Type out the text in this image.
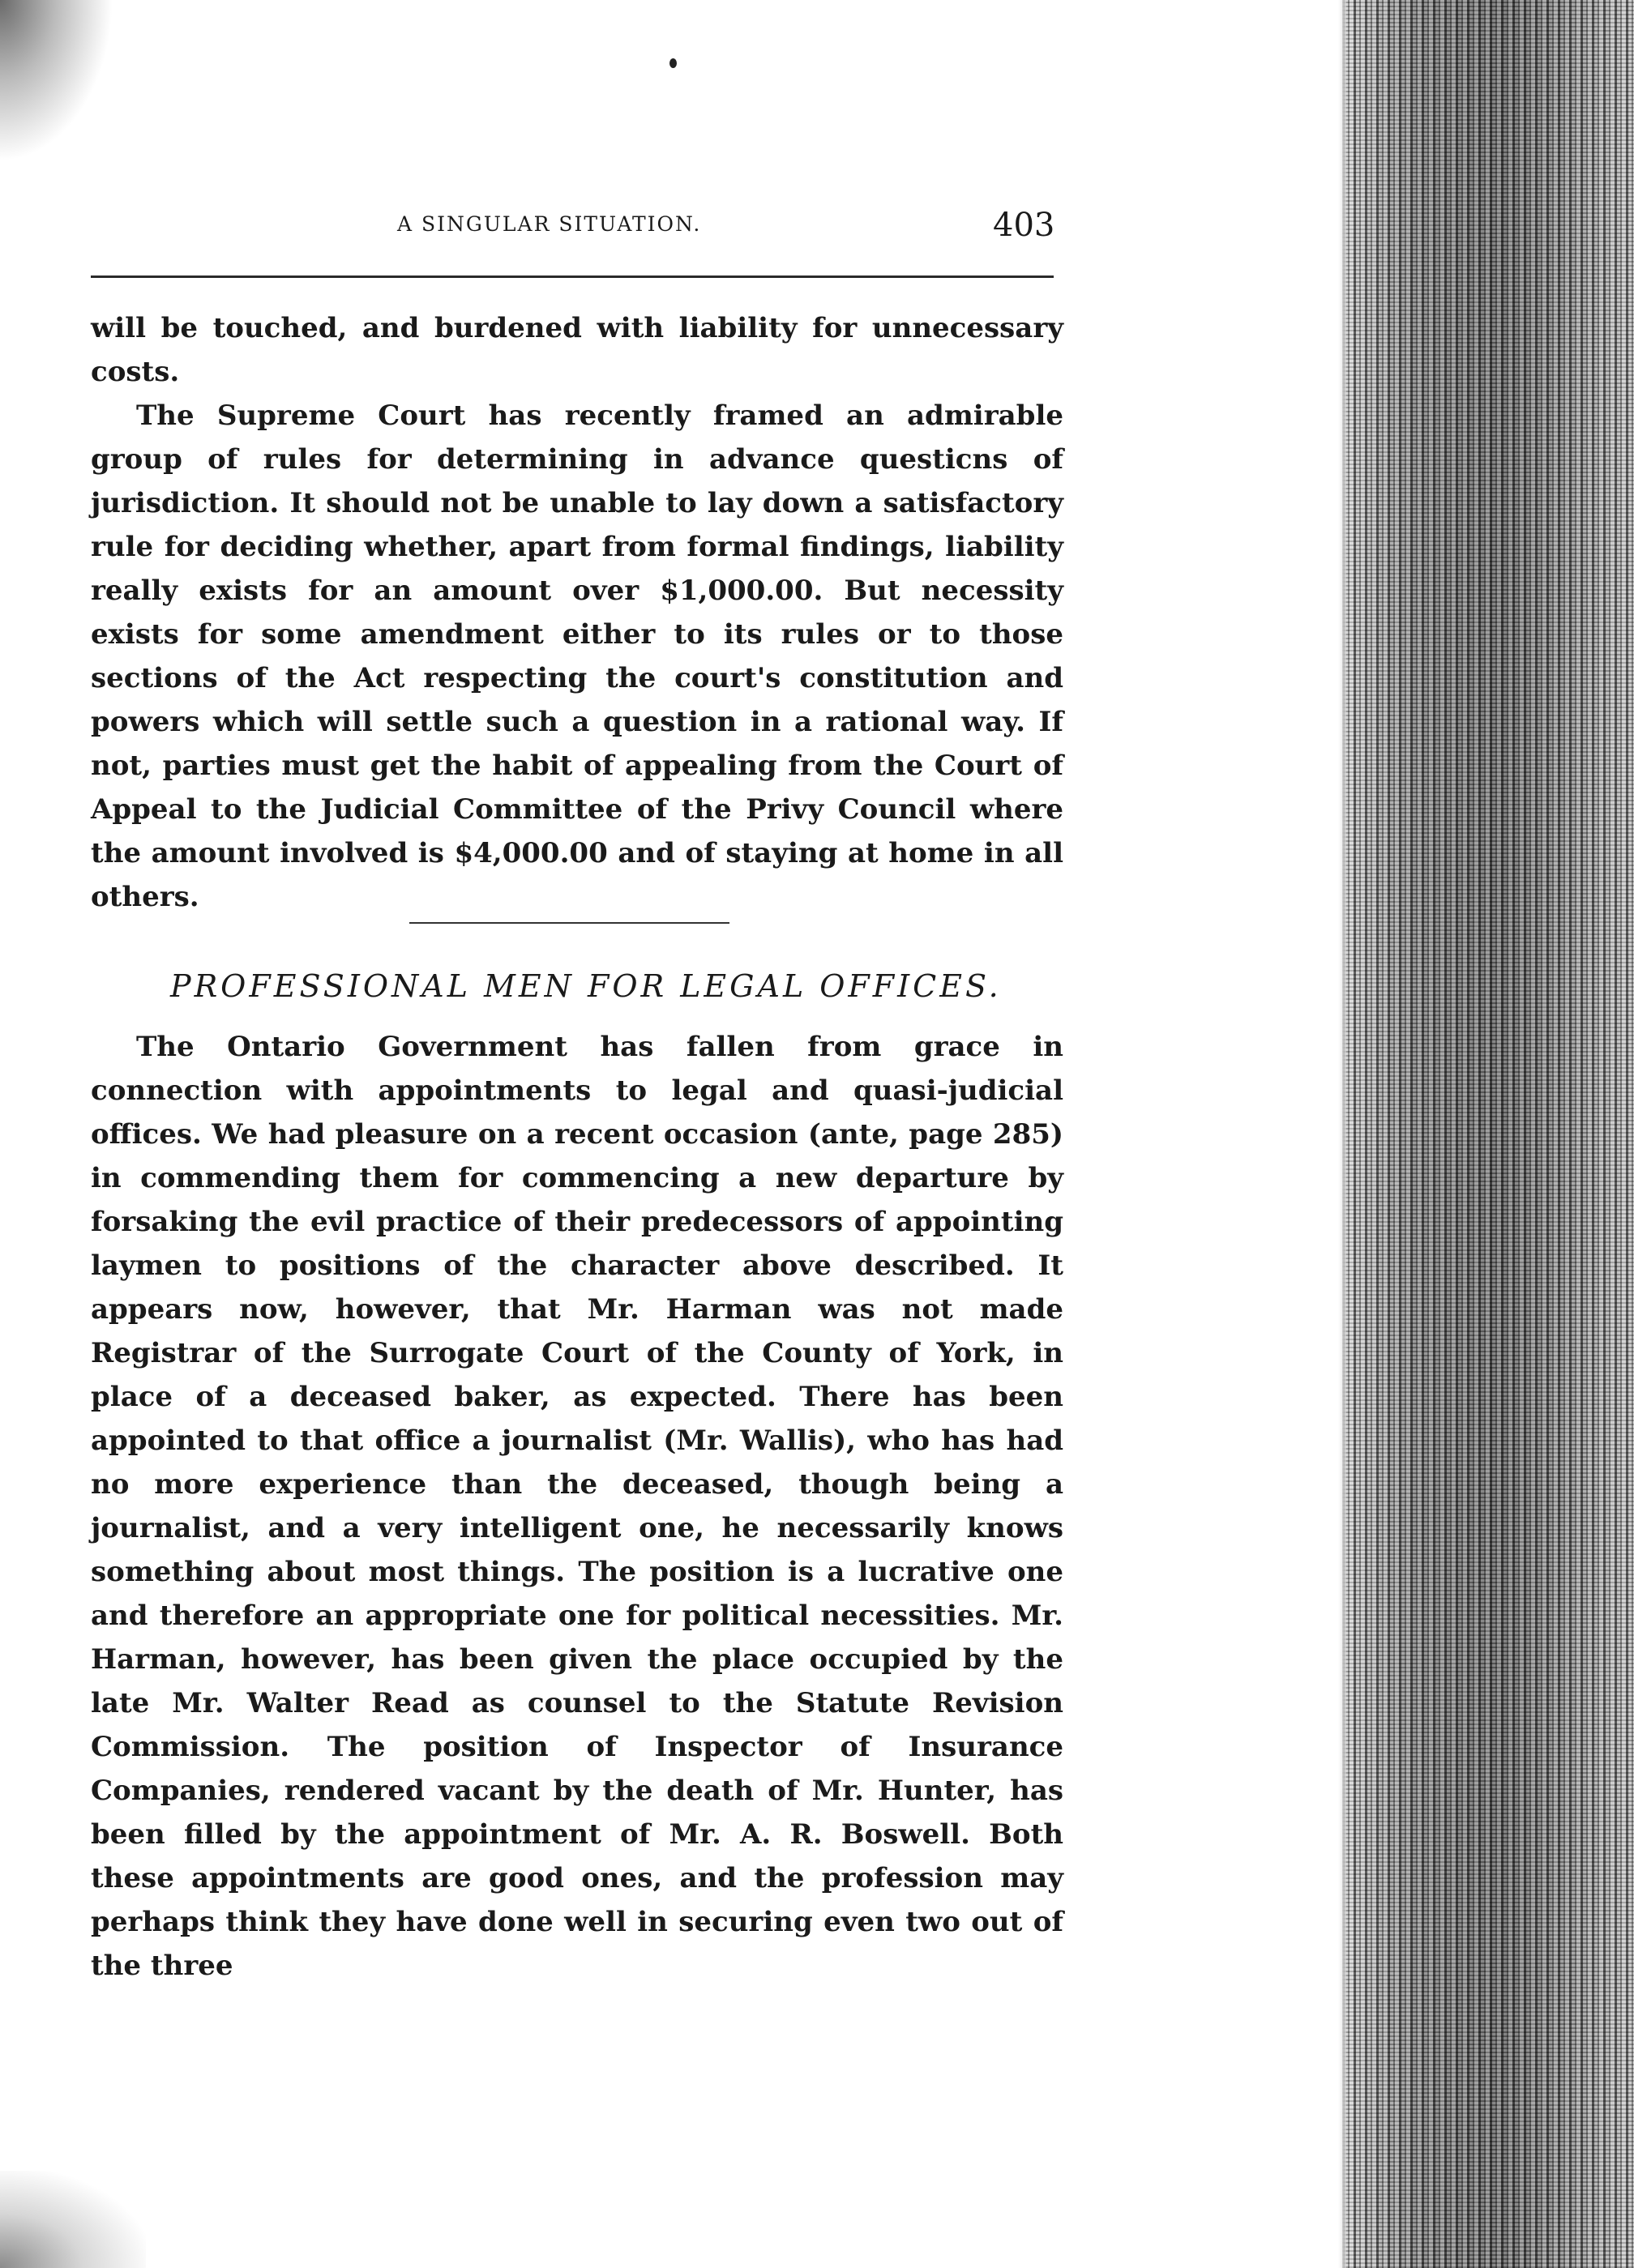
A SINGULAR SITUATION.	403

will be touched, and burdened with liability for unnecessary costs.

The Supreme Court has recently framed an admirable group of rules for determining in advance questicns of jurisdiction. It should not be unable to lay down a satisfactory rule for deciding whether, apart from formal findings, liability really exists for an amount over $1,000.00. But necessity exists for some amendment either to its rules or to those sections of the Act respecting the court's constitution and powers which will settle such a question in a rational way. If not, parties must get the habit of appealing from the Court of Appeal to the Judicial Committee of the Privy Council where the amount involved is $4,000.00 and of staying at home in all others.

PROFESSIONAL MEN FOR LEGAL OFFICES.

The Ontario Government has fallen from grace in connection with appointments to legal and quasi-judicial offices. We had pleasure on a recent occasion (ante, page 285) in commending them for commencing a new departure by forsaking the evil practice of their predecessors of appointing laymen to positions of the character above described. It appears now, however, that Mr. Harman was not made Registrar of the Surrogate Court of the County of York, in place of a deceased baker, as expected. There has been appointed to that office a journalist (Mr. Wallis), who has had no more experience than the deceased, though being a journalist, and a very intelligent one, he necessarily knows something about most things. The position is a lucrative one and therefore an appropriate one for political necessities. Mr. Harman, however, has been given the place occupied by the late Mr. Walter Read as counsel to the Statute Revision Commission. The position of Inspector of Insurance Companies, rendered vacant by the death of Mr. Hunter, has been filled by the appointment of Mr. A. R. Boswell. Both these appointments are good ones, and the profession may perhaps think they have done well in securing even two out of the three
